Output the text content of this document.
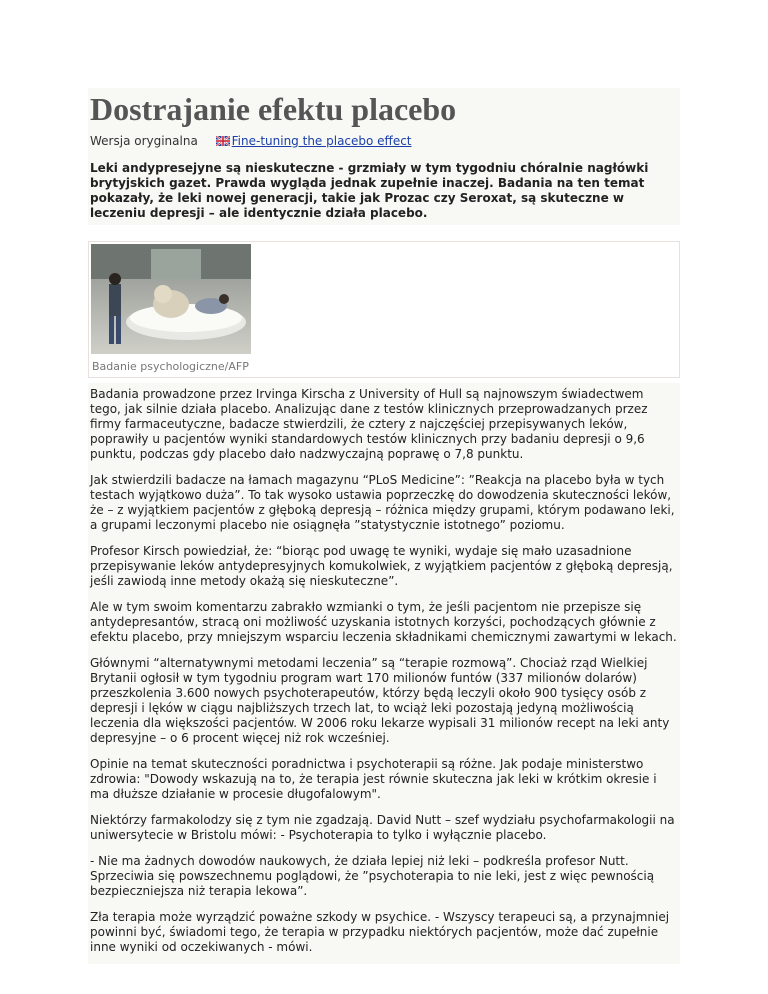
Dostrajanie efektu placebo
Wersja oryginalna	Fine-tuning the placebo effect

Leki andypresejyne są nieskuteczne - grzmiały w tym tygodniu chóralnie nagłówki brytyjskich gazet. Prawda wygląda jednak zupełnie inaczej. Badania na ten temat pokazały, że leki nowej generacji, takie jak Prozac czy Seroxat, są skuteczne w leczeniu depresji – ale identycznie działa placebo.

Badanie psychologiczne/AFP

Badania prowadzone przez Irvinga Kirscha z University of Hull są najnowszym świadectwem tego, jak silnie działa placebo. Analizując dane z testów klinicznych przeprowadzanych przez firmy farmaceutyczne, badacze stwierdzili, że cztery z najczęściej przepisywanych leków, poprawiły u pacjentów wyniki standardowych testów klinicznych przy badaniu depresji o 9,6 punktu, podczas gdy placebo dało nadzwyczajną poprawę o 7,8 punktu.

Jak stwierdzili badacze na łamach magazynu “PLoS Medicine”: ”Reakcja na placebo była w tych testach wyjątkowo duża”. To tak wysoko ustawia poprzeczkę do dowodzenia skuteczności leków, że – z wyjątkiem pacjentów z głęboką depresją – różnica między grupami, którym podawano leki, a grupami leczonymi placebo nie osiągnęła ”statystycznie istotnego” poziomu.

Profesor Kirsch powiedział, że: “biorąc pod uwagę te wyniki, wydaje się mało uzasadnione przepisywanie leków antydepresyjnych komukolwiek, z wyjątkiem pacjentów z głęboką depresją, jeśli zawiodą inne metody okażą się nieskuteczne”.

Ale w tym swoim komentarzu zabrakło wzmianki o tym, że jeśli pacjentom nie przepisze się antydepresantów, stracą oni możliwość uzyskania istotnych korzyści, pochodzących głównie z efektu placebo, przy mniejszym wsparciu leczenia składnikami chemicznymi zawartymi w lekach.

Głównymi “alternatywnymi metodami leczenia” są “terapie rozmową”. Chociaż rząd Wielkiej Brytanii ogłosił w tym tygodniu program wart 170 milionów funtów (337 milionów dolarów) przeszkolenia 3.600 nowych psychoterapeutów, którzy będą leczyli około 900 tysięcy osób z depresji i lęków w ciągu najbliższych trzech lat, to wciąż leki pozostają jedyną możliwością leczenia dla większości pacjentów. W 2006 roku lekarze wypisali 31 milionów recept na leki anty depresyjne – o 6 procent więcej niż rok wcześniej.

Opinie na temat skuteczności poradnictwa i psychoterapii są różne. Jak podaje ministerstwo zdrowia: "Dowody wskazują na to, że terapia jest równie skuteczna jak leki w krótkim okresie i ma dłuższe działanie w procesie długofalowym".

Niektórzy farmakolodzy się z tym nie zgadzają. David Nutt – szef wydziału psychofarmakologii na uniwersytecie w Bristolu mówi: - Psychoterapia to tylko i wyłącznie placebo.

- Nie ma żadnych dowodów naukowych, że działa lepiej niż leki – podkreśla profesor Nutt. Sprzeciwia się powszechnemu poglądowi, że ”psychoterapia to nie leki, jest z więc pewnością bezpieczniejsza niż terapia lekowa”.

Zła terapia może wyrządzić poważne szkody w psychice. - Wszyscy terapeuci są, a przynajmniej powinni być, świadomi tego, że terapia w przypadku niektórych pacjentów, może dać zupełnie inne wyniki od oczekiwanych - mówi.
